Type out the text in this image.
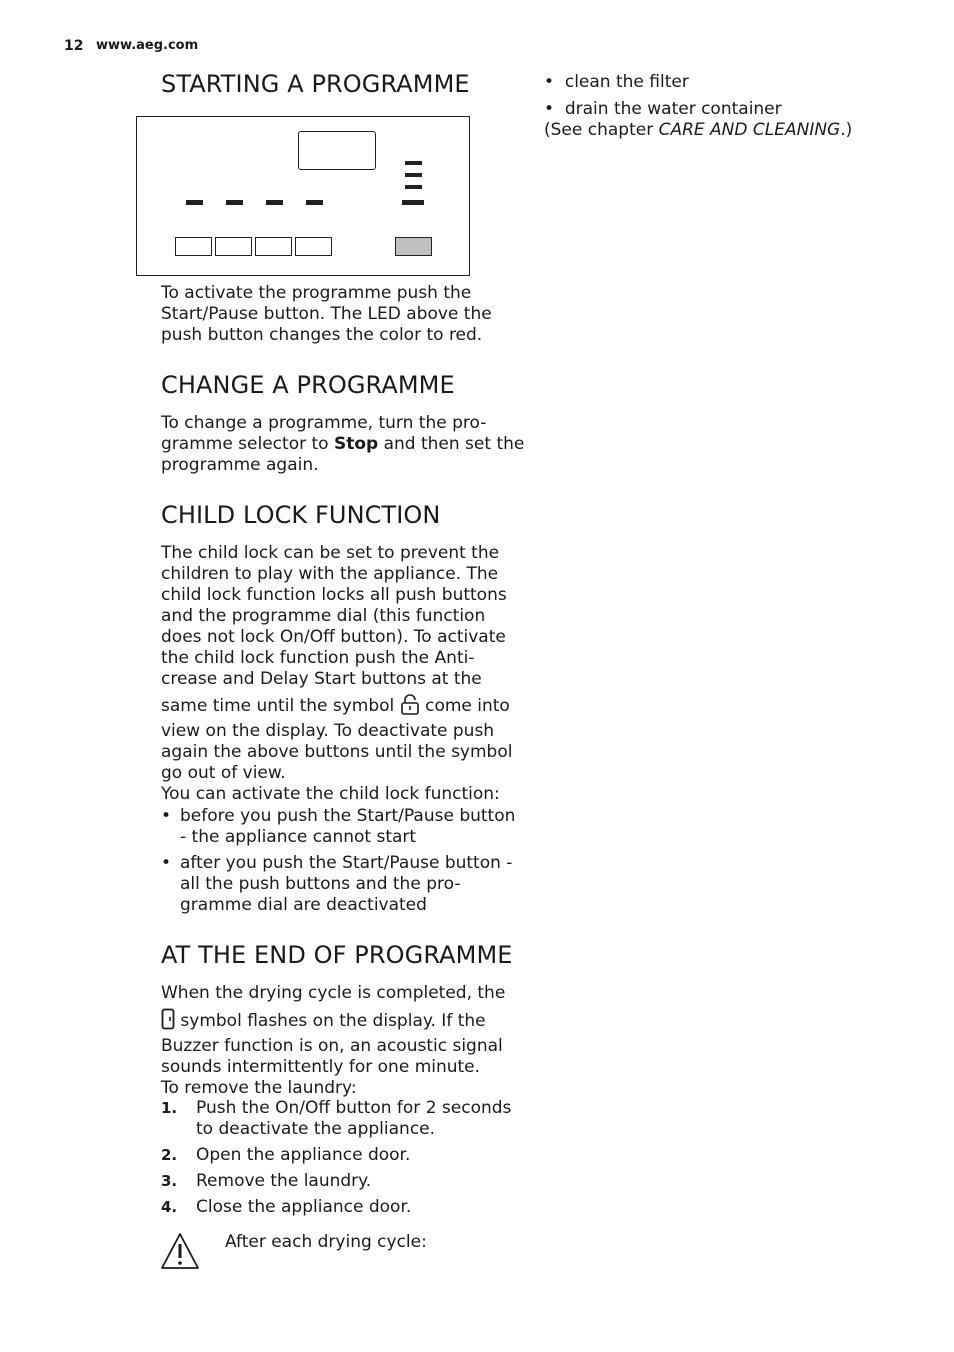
12 www.aeg.com
STARTING A PROGRAMME
To activate the programme push the
Start/Pause button. The LED above the
push button changes the color to red.
CHANGE A PROGRAMME
To change a programme, turn the pro-
gramme selector to Stop and then set the
programme again.
CHILD LOCK FUNCTION
The child lock can be set to prevent the
children to play with the appliance. The
child lock function locks all push buttons
and the programme dial (this function
does not lock On/Off button). To activate
the child lock function push the Anti-
crease and Delay Start buttons at the
same time until the symbol  come into
view on the display. To deactivate push
again the above buttons until the symbol
go out of view.
You can activate the child lock function:
• before you push the Start/Pause button
- the appliance cannot start
• after you push the Start/Pause button -
all the push buttons and the pro-
gramme dial are deactivated
AT THE END OF PROGRAMME
When the drying cycle is completed, the
symbol flashes on the display. If the
Buzzer function is on, an acoustic signal
sounds intermittently for one minute.
To remove the laundry:
1. Push the On/Off button for 2 seconds
to deactivate the appliance.
2. Open the appliance door.
3. Remove the laundry.
4. Close the appliance door.
After each drying cycle:
• clean the filter
• drain the water container
(See chapter CARE AND CLEANING.)
